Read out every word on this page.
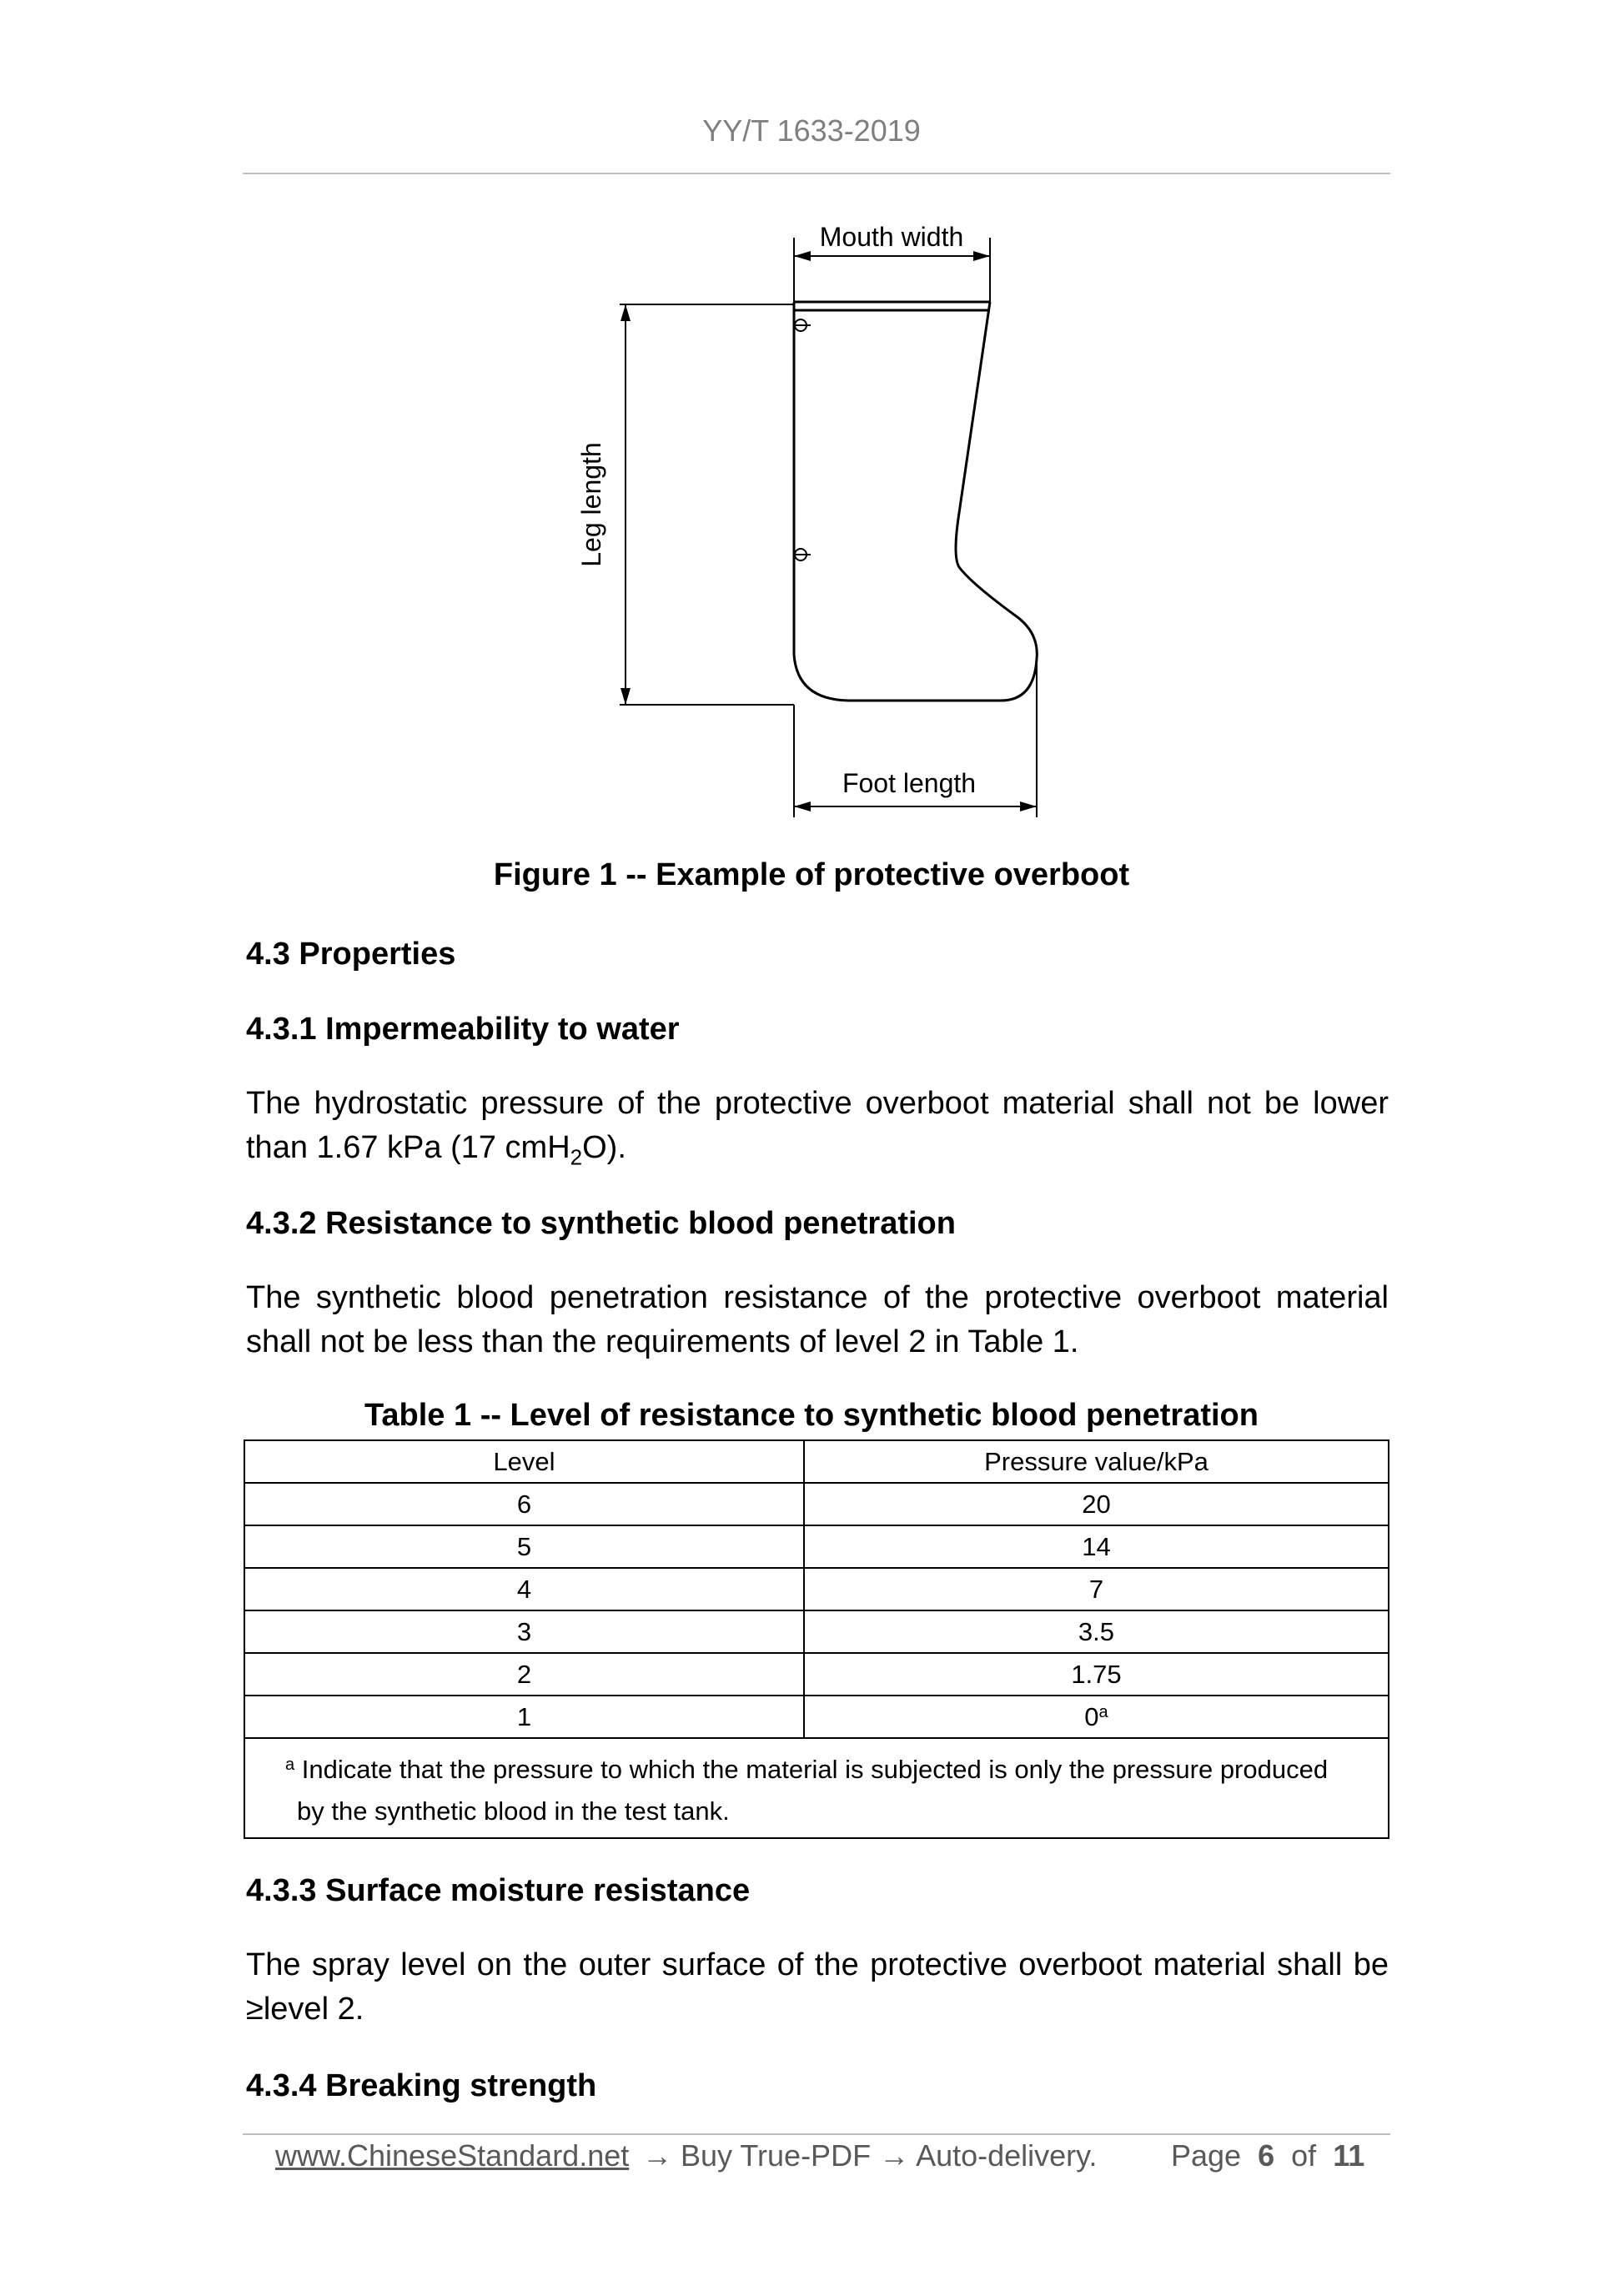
YY/T 1633-2019
Mouth width
Leg length
Foot length
Figure 1 -- Example of protective overboot
4.3 Properties
4.3.1 Impermeability to water
The hydrostatic pressure of the protective overboot material shall not be lower than 1.67 kPa (17 cmH$_2$O).
4.3.2 Resistance to synthetic blood penetration
The synthetic blood penetration resistance of the protective overboot material shall not be less than the requirements of level 2 in Table 1.
Table 1 -- Level of resistance to synthetic blood penetration
Level	Pressure value/kPa
6	20
5	14
4	7
3	3.5
2	1.75
1	0$^a$
$^a$ Indicate that the pressure to which the material is subjected is only the pressure produced
by the synthetic blood in the test tank.	
4.3.3 Surface moisture resistance
The spray level on the outer surface of the protective overboot material shall be ≥level 2.
4.3.4 Breaking strength
www.ChineseStandard.net → Buy True-PDF → Auto-delivery. Page 6 of 11
